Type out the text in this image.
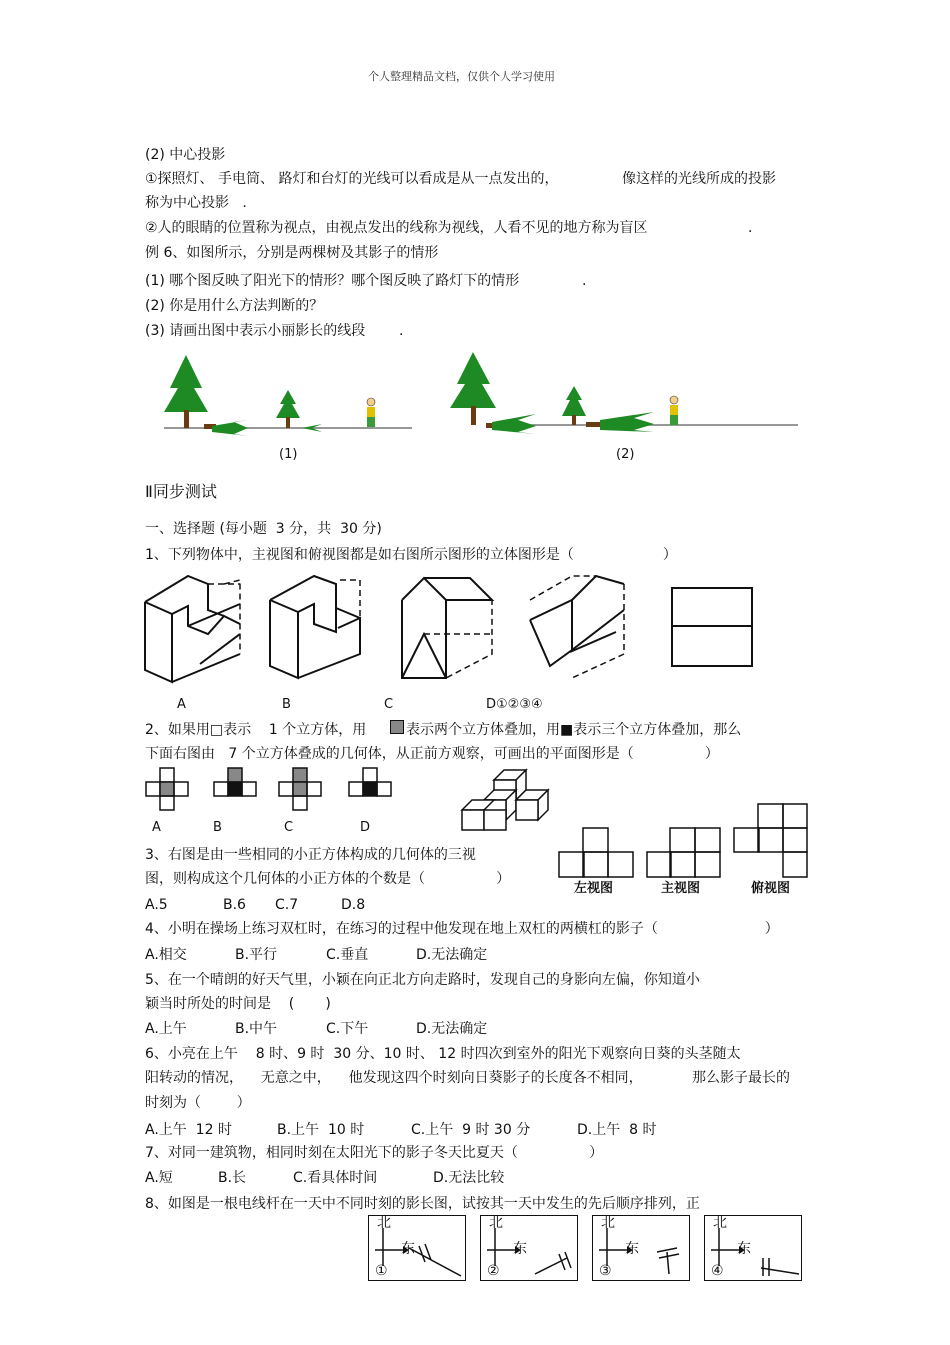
个人整理精品文档，仅供个人学习使用
(2) 中心投影
①探照灯、 手电筒、 路灯和台灯的光线可以看成是从一点发出的，	像这样的光线所成的投影
称为中心投影   .
②人的眼睛的位置称为视点，由视点发出的线称为视线，人看不见的地方称为盲区	.
例 6、如图所示，分别是两棵树及其影子的情形
(1) 哪个图反映了阳光下的情形？哪个图反映了路灯下的情形	.
(2) 你是用什么方法判断的？
(3) 请画出图中表示小丽影长的线段 .
(1)	(2)
Ⅱ同步测试
一、选择题 (每小题  3 分，共  30 分)
1、下列物体中，主视图和俯视图都是如右图所示图形的立体图形是（                    ）
A	B	C	D①②③④
2、如果用□表示    1 个立方体，用	表示两个立方体叠加，用■表示三个立方体叠加，那么
下面右图由   7 个立方体叠成的几何体，从正前方观察，可画出的平面图形是（                ）
A	B	C	D
3、右图是由一些相同的小正方体构成的几何体的三视
图，则构成这个几何体的小正方体的个数是（                ）
A.5	B.6 C.7	D.8
左视图	主视图	俯视图
4、小明在操场上练习双杠时，在练习的过程中他发现在地上双杠的两横杠的影子（                        ）
A.相交	B.平行	C.垂直	D.无法确定
5、在一个晴朗的好天气里，小颖在向正北方向走路时，发现自己的身影向左偏，你知道小
颖当时所处的时间是    (       )
A.上午	B.中午	C.下午	D.无法确定
6、小亮在上午    8 时、9 时  30 分、10 时、 12 时四次到室外的阳光下观察向日葵的头茎随太
阳转动的情况，    无意之中，    他发现这四个时刻向日葵影子的长度各不相同，	那么影子最长的
时刻为（        ）
A.上午  12 时	B.上午  10 时	C.上午  9 时 30 分	D.上午  8 时
7、对同一建筑物，相同时刻在太阳光下的影子冬天比夏天（                ）
A.短	B.长	C.看具体时间	D.无法比较
8、如图是一根电线杆在一天中不同时刻的影长图，试按其一天中发生的先后顺序排列，正
北
东
①
北
东
②
北
东
③
北
东
④
